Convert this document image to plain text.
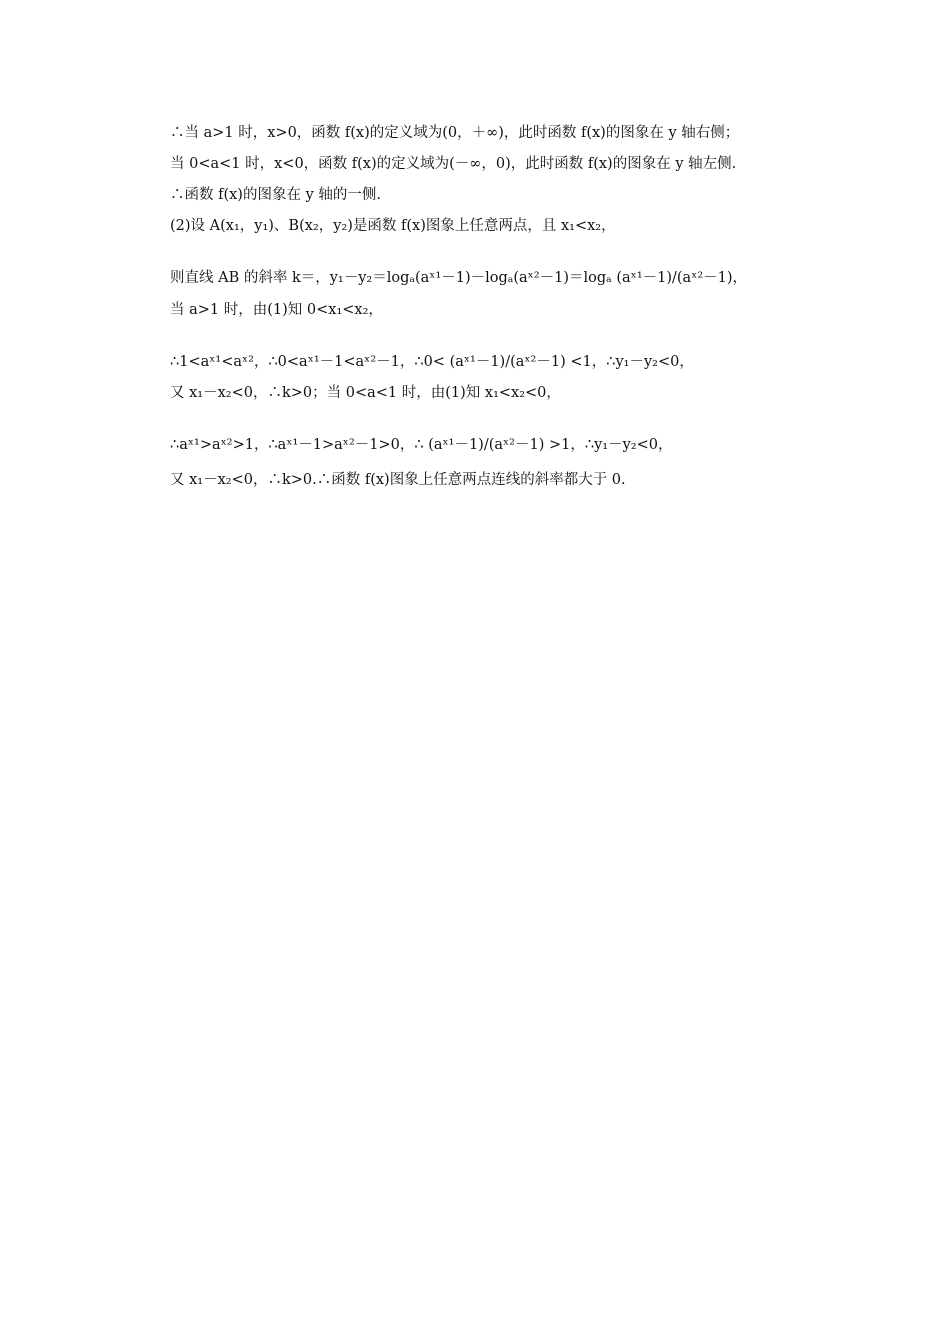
∴当 a>1 时，x>0，函数 f(x)的定义域为(0，＋∞)，此时函数 f(x)的图象在 y 轴右侧；
当 0<a<1 时，x<0，函数 f(x)的定义域为(－∞，0)，此时函数 f(x)的图象在 y 轴左侧.
∴函数 f(x)的图象在 y 轴的一侧.
(2)设 A(x₁，y₁)、B(x₂，y₂)是函数 f(x)图象上任意两点，且 x₁<x₂，
则直线 AB 的斜率 k＝，y₁－y₂＝logₐ(aˣ¹－1)－logₐ(aˣ²－1)＝logₐ (aˣ¹－1)/(aˣ²－1)，
当 a>1 时，由(1)知 0<x₁<x₂，
∴1<aˣ¹<aˣ²，∴0<aˣ¹－1<aˣ²－1，∴0< (aˣ¹－1)/(aˣ²－1) <1，∴y₁－y₂<0，
又 x₁－x₂<0，∴k>0；当 0<a<1 时，由(1)知 x₁<x₂<0，
∴aˣ¹>aˣ²>1，∴aˣ¹－1>aˣ²－1>0，∴ (aˣ¹－1)/(aˣ²－1) >1，∴y₁－y₂<0，
又 x₁－x₂<0，∴k>0.∴函数 f(x)图象上任意两点连线的斜率都大于 0.
